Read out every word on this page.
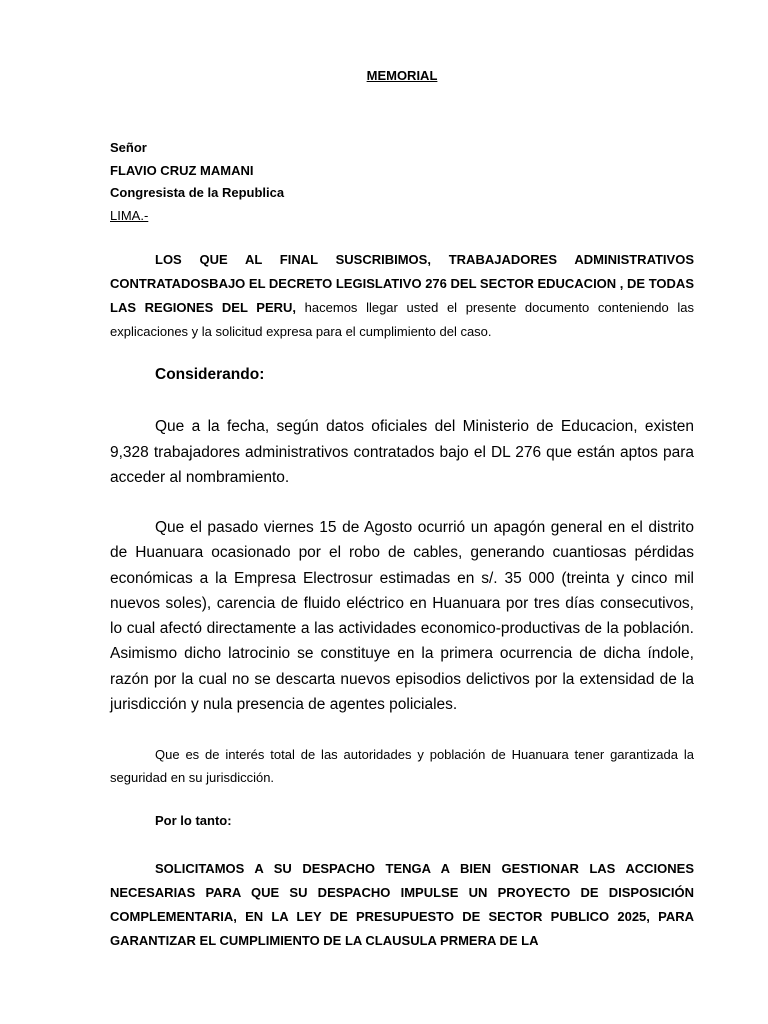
MEMORIAL
Señor
FLAVIO CRUZ MAMANI
Congresista de la Republica
LIMA.-

LOS QUE AL FINAL SUSCRIBIMOS, TRABAJADORES ADMINISTRATIVOS CONTRATADOSBAJO EL DECRETO LEGISLATIVO 276 DEL SECTOR EDUCACION , DE TODAS LAS REGIONES DEL PERU, hacemos llegar usted el presente documento conteniendo las explicaciones y la solicitud expresa para el cumplimiento del caso.

Considerando:

Que a la fecha, según datos oficiales del Ministerio de Educacion, existen 9,328 trabajadores administrativos contratados bajo el DL 276 que están aptos para acceder al nombramiento.

Que el pasado viernes 15 de Agosto ocurrió un apagón general en el distrito de Huanuara ocasionado por el robo de cables, generando cuantiosas pérdidas económicas a la Empresa Electrosur estimadas en s/. 35 000 (treinta y cinco mil nuevos soles), carencia de fluido eléctrico en Huanuara por tres días consecutivos, lo cual afectó directamente a las actividades economico-productivas de la población. Asimismo dicho latrocinio se constituye en la primera ocurrencia de dicha índole, razón por la cual no se descarta nuevos episodios delictivos por la extensidad de la jurisdicción y nula presencia de agentes policiales.

Que es de interés total de las autoridades y población de Huanuara tener garantizada la seguridad en su jurisdicción.

Por lo tanto:

SOLICITAMOS A SU DESPACHO TENGA A BIEN GESTIONAR LAS ACCIONES NECESARIAS PARA QUE SU DESPACHO IMPULSE UN PROYECTO DE DISPOSICIÓN COMPLEMENTARIA, EN LA LEY DE PRESUPUESTO DE SECTOR PUBLICO 2025, PARA GARANTIZAR EL CUMPLIMIENTO DE LA CLAUSULA PRMERA DE LA
